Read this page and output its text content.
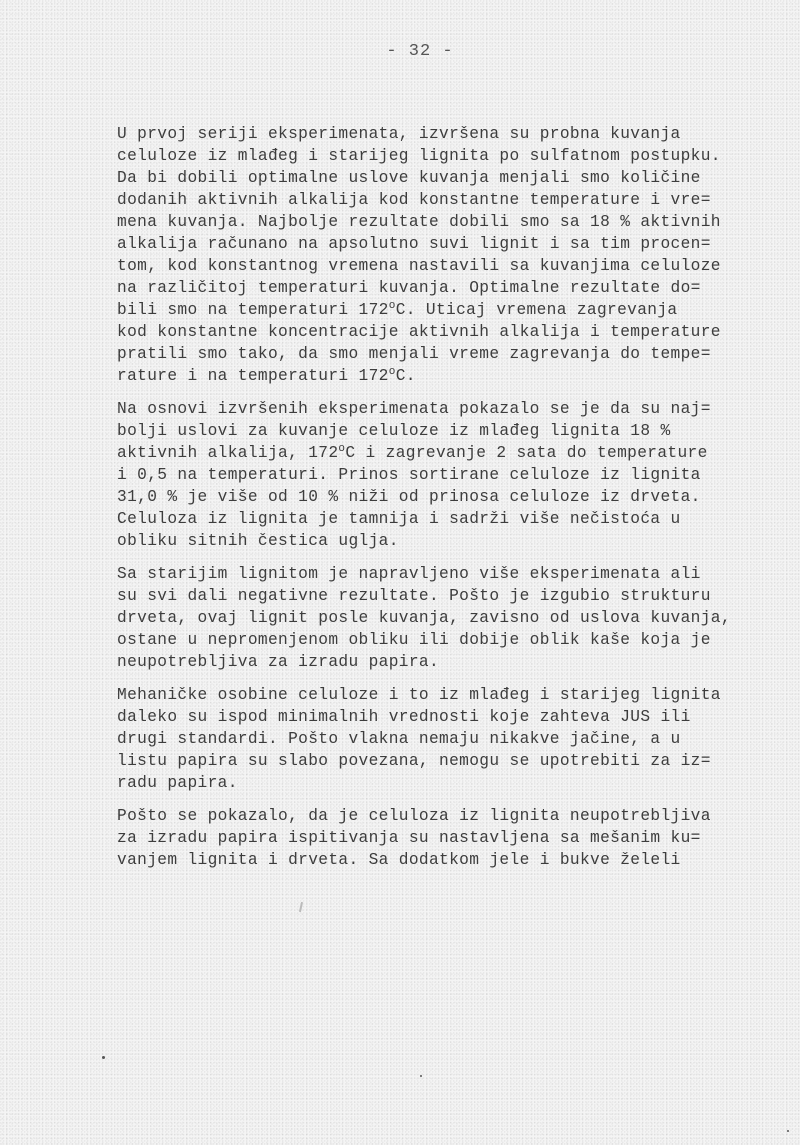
- 32 -

U prvoj seriji eksperimenata, izvršena su probna kuvanja
celuloze iz mlađeg i starijeg lignita po sulfatnom postupku.
Da bi dobili optimalne uslove kuvanja menjali smo količine
dodanih aktivnih alkalija kod konstantne temperature i vre=
mena kuvanja. Najbolje rezultate dobili smo sa 18 % aktivnih
alkalija računano na apsolutno suvi lignit i sa tim procen=
tom, kod konstantnog vremena nastavili sa kuvanjima celuloze
na različitoj temperaturi kuvanja. Optimalne rezultate do=
bili smo na temperaturi 172$^o$C. Uticaj vremena zagrevanja
kod konstantne koncentracije aktivnih alkalija i temperature
pratili smo tako, da smo menjali vreme zagrevanja do tempe=
rature i na temperaturi 172$^o$C.

Na osnovi izvršenih eksperimenata pokazalo se je da su naj=
bolji uslovi za kuvanje celuloze iz mlađeg lignita 18 %
aktivnih alkalija, 172$^o$C i zagrevanje 2 sata do temperature
i 0,5 na temperaturi. Prinos sortirane celuloze iz lignita
31,0 % je više od 10 % niži od prinosa celuloze iz drveta.
Celuloza iz lignita je tamnija i sadrži više nečistoća u
obliku sitnih čestica uglja.

Sa starijim lignitom je napravljeno više eksperimenata ali
su svi dali negativne rezultate. Pošto je izgubio strukturu
drveta, ovaj lignit posle kuvanja, zavisno od uslova kuvanja,
ostane u nepromenjenom obliku ili dobije oblik kaše koja je
neupotrebljiva za izradu papira.

Mehaničke osobine celuloze i to iz mlađeg i starijeg lignita
daleko su ispod minimalnih vrednosti koje zahteva JUS ili
drugi standardi. Pošto vlakna nemaju nikakve jačine, a u
listu papira su slabo povezana, nemogu se upotrebiti za iz=
radu papira.

Pošto se pokazalo, da je celuloza iz lignita neupotrebljiva
za izradu papira ispitivanja su nastavljena sa mešanim ku=
vanjem lignita i drveta. Sa dodatkom jele i bukve želeli
